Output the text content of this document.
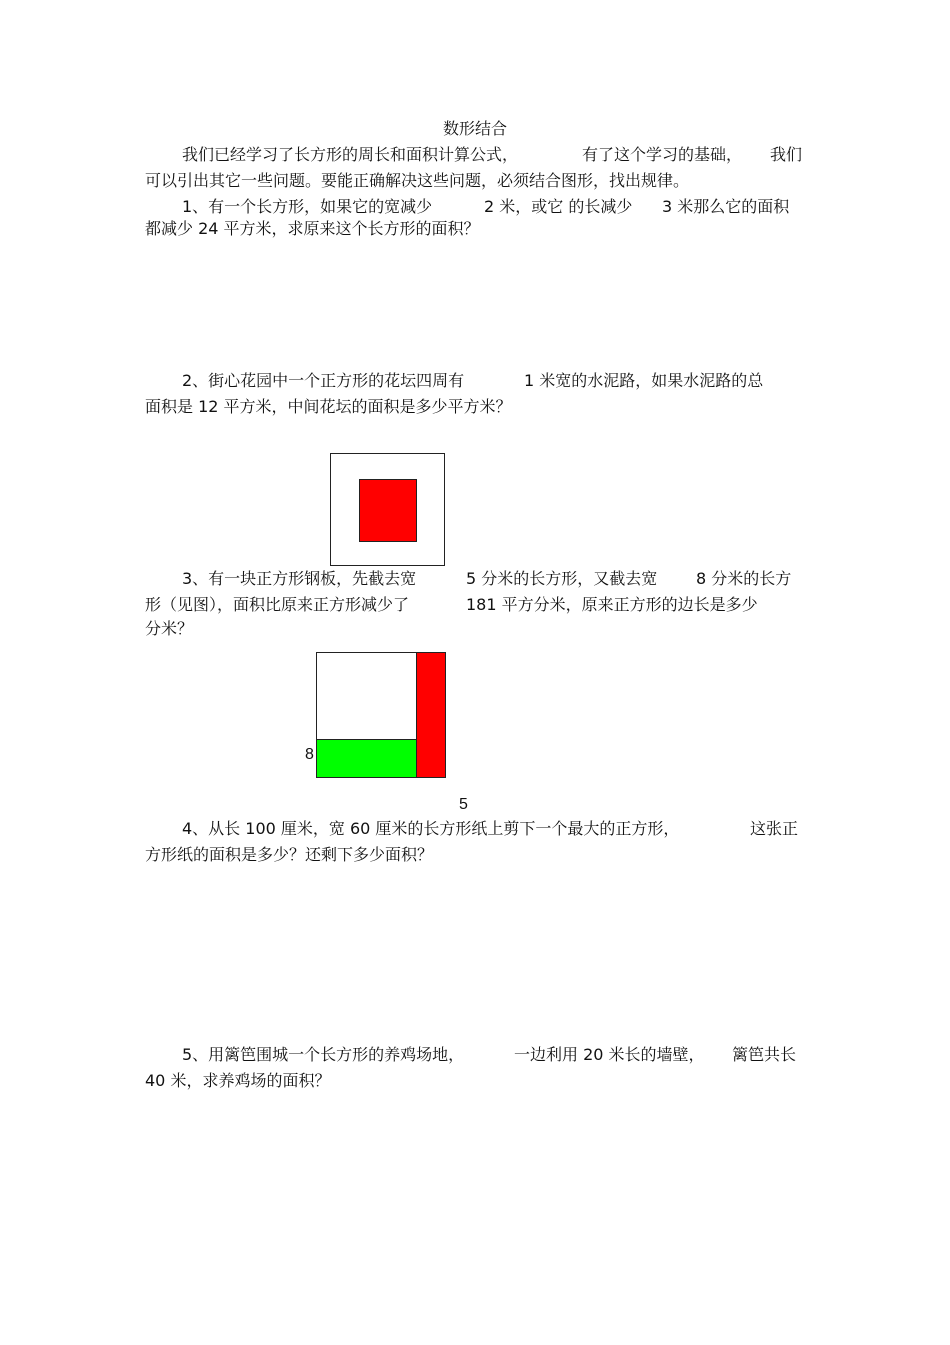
数形结合
我们已经学习了长方形的周长和面积计算公式，	有了这个学习的基础， 我们
可以引出其它一些问题。要能正确解决这些问题，必须结合图形，找出规律。
1、有一个长方形，如果它的宽减少	2 米，或它 的长减少 3 米那么它的面积
都减少 24 平方米，求原来这个长方形的面积？
2、街心花园中一个正方形的花坛四周有	1 米宽的水泥路，如果水泥路的总
面积是 12 平方米，中间花坛的面积是多少平方米？
3、有一块正方形钢板，先截去宽	5 分米的长方形，又截去宽 8 分米的长方
形（见图），面积比原来正方形减少了	181 平方分米，原来正方形的边长是多少
分米？
8
5
4、从长 100 厘米，宽 60 厘米的长方形纸上剪下一个最大的正方形，	这张正
方形纸的面积是多少？还剩下多少面积？
5、用篱笆围城一个长方形的养鸡场地，	一边利用 20 米长的墙壁， 篱笆共长
40 米，求养鸡场的面积？
